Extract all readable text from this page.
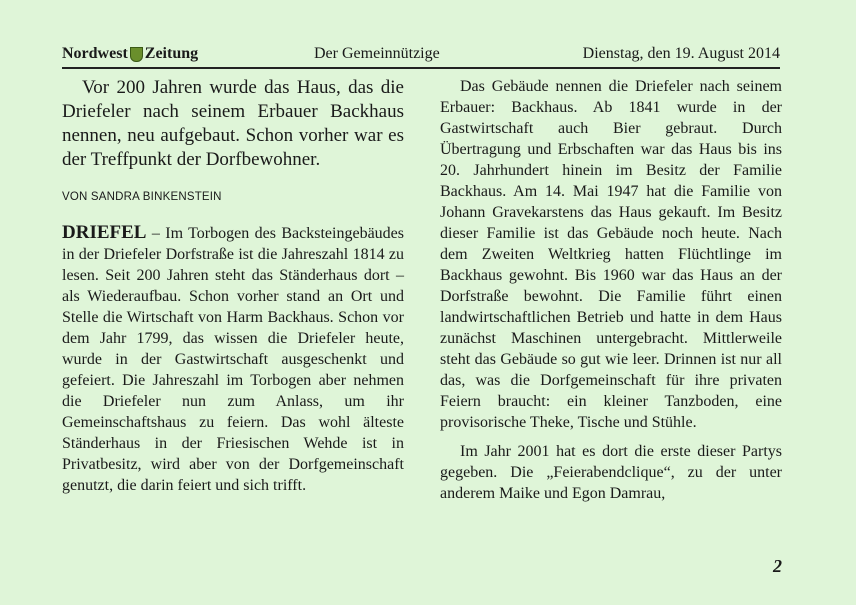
Nordwest Zeitung	Der Gemeinnützige	Dienstag, den 19. August 2014

Vor 200 Jahren wurde das Haus, das die Driefeler nach seinem Erbauer Backhaus nennen, neu aufgebaut. Schon vorher war es der Treffpunkt der Dorfbewohner.

VON SANDRA BINKENSTEIN

DRIEFEL – Im Torbogen des Backsteingebäudes in der Driefeler Dorfstraße ist die Jahreszahl 1814 zu lesen. Seit 200 Jahren steht das Ständerhaus dort – als Wiederaufbau. Schon vorher stand an Ort und Stelle die Wirtschaft von Harm Backhaus. Schon vor dem Jahr 1799, das wissen die Driefeler heute, wurde in der Gastwirtschaft ausgeschenkt und gefeiert. Die Jahreszahl im Torbogen aber nehmen die Driefeler nun zum Anlass, um ihr Gemeinschaftshaus zu feiern. Das wohl älteste Ständerhaus in der Friesischen Wehde ist in Privatbesitz, wird aber von der Dorfgemeinschaft genutzt, die darin feiert und sich trifft.

Das Gebäude nennen die Driefeler nach seinem Erbauer: Backhaus. Ab 1841 wurde in der Gastwirtschaft auch Bier gebraut. Durch Übertragung und Erbschaften war das Haus bis ins 20. Jahrhundert hinein im Besitz der Familie Backhaus. Am 14. Mai 1947 hat die Familie von Johann Gravekarstens das Haus gekauft. Im Besitz dieser Familie ist das Gebäude noch heute. Nach dem Zweiten Weltkrieg hatten Flüchtlinge im Backhaus gewohnt. Bis 1960 war das Haus an der Dorfstraße bewohnt. Die Familie führt einen landwirtschaftlichen Betrieb und hatte in dem Haus zunächst Maschinen untergebracht. Mittlerweile steht das Gebäude so gut wie leer. Drinnen ist nur all das, was die Dorfgemeinschaft für ihre privaten Feiern braucht: ein kleiner Tanzboden, eine provisorische Theke, Tische und Stühle.

Im Jahr 2001 hat es dort die erste dieser Partys gegeben. Die „Feierabendclique“, zu der unter anderem Maike und Egon Damrau,

2
